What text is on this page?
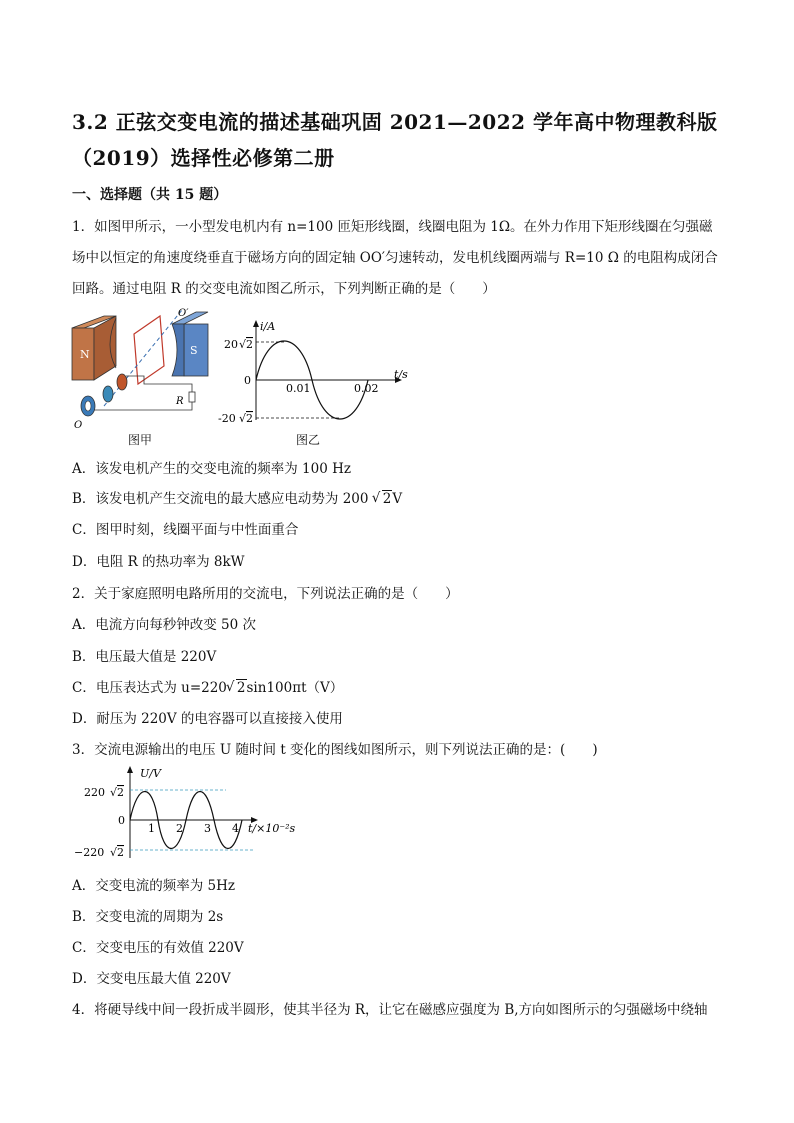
3.2 正弦交变电流的描述基础巩固 2021—2022 学年高中物理教科版（2019）选择性必修第二册
一、选择题（共 15 题）
1．如图甲所示，一小型发电机内有 n=100 匝矩形线圈，线圈电阻为 1Ω。在外力作用下矩形线圈在匀强磁场中以恒定的角速度绕垂直于磁场方向的固定轴 OO′匀速转动，发电机线圈两端与 R=10 Ω 的电阻构成闭合回路。通过电阻 R 的交变电流如图乙所示，下列判断正确的是（　　）
N	S
O′
O
R
图甲
i/A
t/s
20 √ 2
0
0.01	0.02
-20 √ 2
图乙
A．该发电机产生的交变电流的频率为 100 Hz
B．该发电机产生交流电的最大感应电动势为 200 √ 2V
C．图甲时刻，线圈平面与中性面重合
D．电阻 R 的热功率为 8kW
2．关于家庭照明电路所用的交流电，下列说法正确的是（　　）
A．电流方向每秒钟改变 50 次
B．电压最大值是 220V
C．电压表达式为 u=220 √ 2sin100πt（V）
D．耐压为 220V 的电容器可以直接接入使用
3．交流电源输出的电压 U 随时间 t 变化的图线如图所示，则下列说法正确的是：(　　)
U/V
220 √ 2
0
1 2 3 4 t/×10⁻²s
−220 √ 2
A．交变电流的频率为 5Hz
B．交变电流的周期为 2s
C．交变电压的有效值 220V
D．交变电压最大值 220V
4．将硬导线中间一段折成半圆形，使其半径为 R，让它在磁感应强度为 B,方向如图所示的匀强磁场中绕轴
